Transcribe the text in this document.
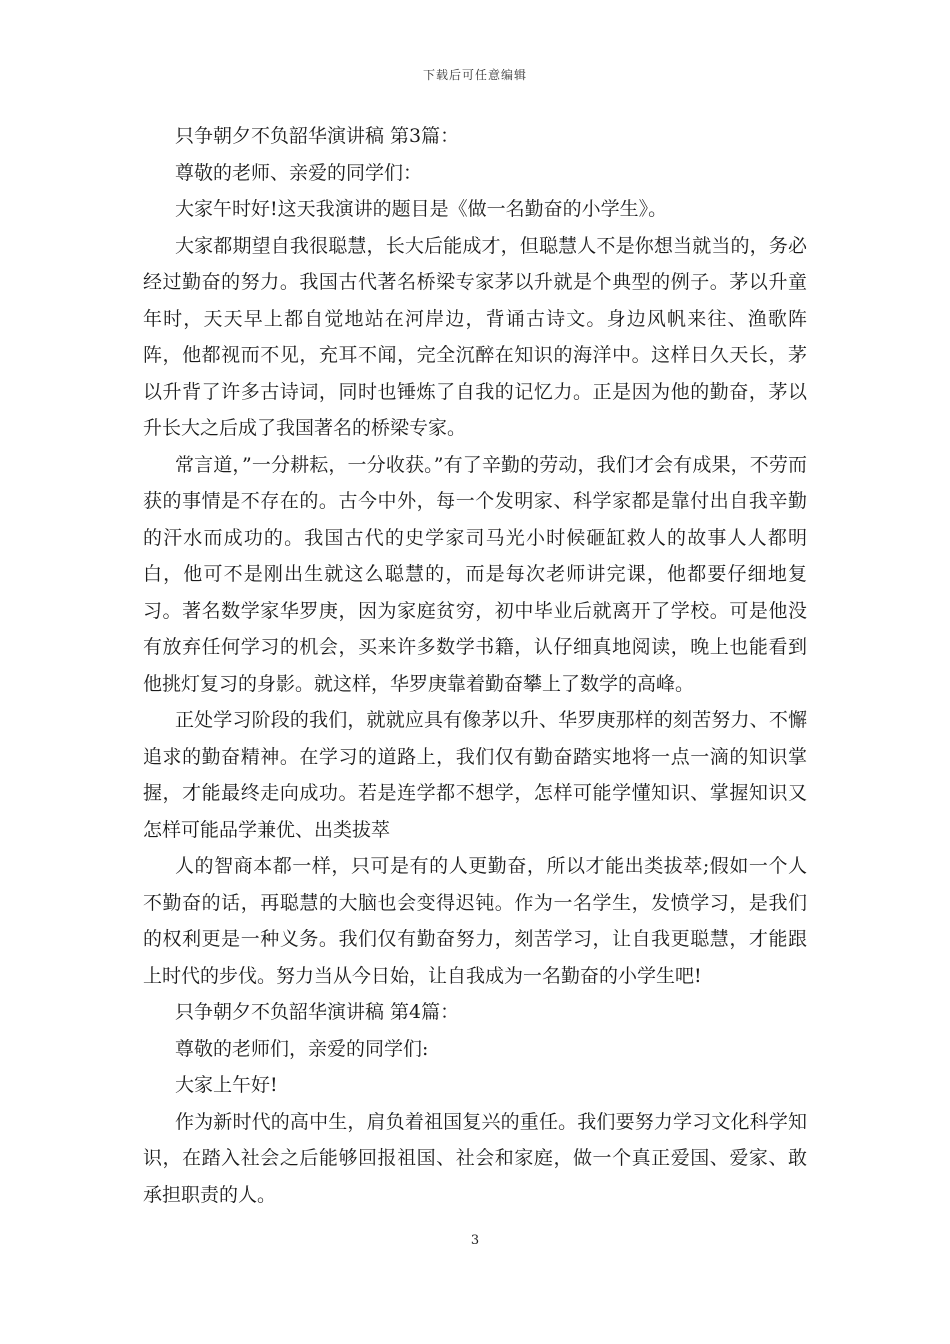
下载后可任意编辑

只争朝夕不负韶华演讲稿 第3篇：

尊敬的老师、亲爱的同学们：

大家午时好!这天我演讲的题目是《做一名勤奋的小学生》。

大家都期望自我很聪慧，长大后能成才，但聪慧人不是你想当就当的，务必经过勤奋的努力。我国古代著名桥梁专家茅以升就是个典型的例子。茅以升童年时，天天早上都自觉地站在河岸边，背诵古诗文。身边风帆来往、渔歌阵阵，他都视而不见，充耳不闻，完全沉醉在知识的海洋中。这样日久天长，茅以升背了许多古诗词，同时也锤炼了自我的记忆力。正是因为他的勤奋，茅以升长大之后成了我国著名的桥梁专家。

常言道，”一分耕耘，一分收获。”有了辛勤的劳动，我们才会有成果，不劳而获的事情是不存在的。古今中外，每一个发明家、科学家都是靠付出自我辛勤的汗水而成功的。我国古代的史学家司马光小时候砸缸救人的故事人人都明白，他可不是刚出生就这么聪慧的，而是每次老师讲完课，他都要仔细地复习。著名数学家华罗庚，因为家庭贫穷，初中毕业后就离开了学校。可是他没有放弃任何学习的机会，买来许多数学书籍，认仔细真地阅读，晚上也能看到他挑灯复习的身影。就这样，华罗庚靠着勤奋攀上了数学的高峰。

正处学习阶段的我们，就就应具有像茅以升、华罗庚那样的刻苦努力、不懈追求的勤奋精神。在学习的道路上，我们仅有勤奋踏实地将一点一滴的知识掌握，才能最终走向成功。若是连学都不想学，怎样可能学懂知识、掌握知识又怎样可能品学兼优、出类拔萃

人的智商本都一样，只可是有的人更勤奋，所以才能出类拔萃;假如一个人不勤奋的话，再聪慧的大脑也会变得迟钝。作为一名学生，发愤学习，是我们的权利更是一种义务。我们仅有勤奋努力，刻苦学习，让自我更聪慧，才能跟上时代的步伐。努力当从今日始，让自我成为一名勤奋的小学生吧!

只争朝夕不负韶华演讲稿 第4篇：

尊敬的老师们，亲爱的同学们:

大家上午好!

作为新时代的高中生，肩负着祖国复兴的重任。我们要努力学习文化科学知识，在踏入社会之后能够回报祖国、社会和家庭，做一个真正爱国、爱家、敢承担职责的人。

3
